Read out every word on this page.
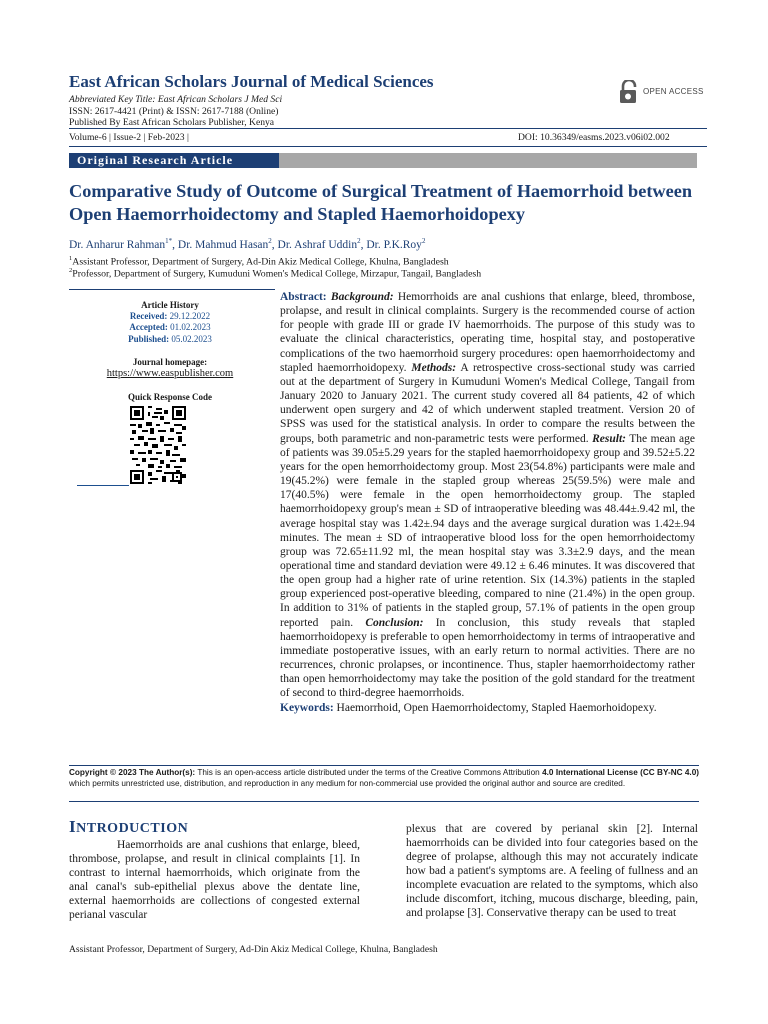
East African Scholars Journal of Medical Sciences
Abbreviated Key Title: East African Scholars J Med Sci
ISSN: 2617-4421 (Print) & ISSN: 2617-7188 (Online)
Published By East African Scholars Publisher, Kenya
OPEN ACCESS
Volume-6 | Issue-2 | Feb-2023 |	DOI: 10.36349/easms.2023.v06i02.002
Original Research Article
Comparative Study of Outcome of Surgical Treatment of Haemorrhoid between Open Haemorrhoidectomy and Stapled Haemorhoidopexy
Dr. Anharur Rahman$^{1*}$, Dr. Mahmud Hasan$^2$, Dr. Ashraf Uddin$^2$, Dr. P.K.Roy$^2$
$^1$Assistant Professor, Department of Surgery, Ad-Din Akiz Medical College, Khulna, Bangladesh
$^2$Professor, Department of Surgery, Kumuduni Women's Medical College, Mirzapur, Tangail, Bangladesh
Article History
Received: 29.12.2022
Accepted: 01.02.2023
Published: 05.02.2023
Journal homepage:
https://www.easpublisher.com
Quick Response Code
Abstract: Background: Hemorrhoids are anal cushions that enlarge, bleed, thrombose, prolapse, and result in clinical complaints. Surgery is the recommended course of action for people with grade III or grade IV haemorrhoids. The purpose of this study was to evaluate the clinical characteristics, operating time, hospital stay, and postoperative complications of the two haemorrhoid surgery procedures: open haemorrhoidectomy and stapled haemorrhoidopexy. Methods: A retrospective cross-sectional study was carried out at the department of Surgery in Kumuduni Women's Medical College, Tangail from January 2020 to January 2021. The current study covered all 84 patients, 42 of which underwent open surgery and 42 of which underwent stapled treatment. Version 20 of SPSS was used for the statistical analysis. In order to compare the results between the groups, both parametric and non-parametric tests were performed. Result: The mean age of patients was 39.05±5.29 years for the stapled haemorrhoidopexy group and 39.52±5.22 years for the open hemorrhoidectomy group. Most 23(54.8%) participants were male and 19(45.2%) were female in the stapled group whereas 25(59.5%) were male and 17(40.5%) were female in the open hemorrhoidectomy group. The stapled haemorrhoidopexy group's mean ± SD of intraoperative bleeding was 48.44±.9.42 ml, the average hospital stay was 1.42±.94 days and the average surgical duration was 1.42±.94 minutes. The mean ± SD of intraoperative blood loss for the open hemorrhoidectomy group was 72.65±11.92 ml, the mean hospital stay was 3.3±2.9 days, and the mean operational time and standard deviation were 49.12 ± 6.46 minutes. It was discovered that the open group had a higher rate of urine retention. Six (14.3%) patients in the stapled group experienced post-operative bleeding, compared to nine (21.4%) in the open group. In addition to 31% of patients in the stapled group, 57.1% of patients in the open group reported pain. Conclusion: In conclusion, this study reveals that stapled haemorrhoidopexy is preferable to open hemorrhoidectomy in terms of intraoperative and immediate postoperative issues, with an early return to normal activities. There are no recurrences, chronic prolapses, or incontinence. Thus, stapler haemorrhoidectomy rather than open hemorrhoidectomy may take the position of the gold standard for the treatment of second to third-degree haemorrhoids.
Keywords: Haemorrhoid, Open Haemorrhoidectomy, Stapled Haemorhoidopexy.
Copyright © 2023 The Author(s): This is an open-access article distributed under the terms of the Creative Commons Attribution 4.0 International License (CC BY-NC 4.0) which permits unrestricted use, distribution, and reproduction in any medium for non-commercial use provided the original author and source are credited.
INTRODUCTION
Haemorrhoids are anal cushions that enlarge, bleed, thrombose, prolapse, and result in clinical complaints [1]. In contrast to internal haemorrhoids, which originate from the anal canal's sub-epithelial plexus above the dentate line, external haemorrhoids are collections of congested external perianal vascular
plexus that are covered by perianal skin [2]. Internal haemorrhoids can be divided into four categories based on the degree of prolapse, although this may not accurately indicate how bad a patient's symptoms are. A feeling of fullness and an incomplete evacuation are related to the symptoms, which also include discomfort, itching, mucous discharge, bleeding, pain, and prolapse [3]. Conservative therapy can be used to treat
Assistant Professor, Department of Surgery, Ad-Din Akiz Medical College, Khulna, Bangladesh
